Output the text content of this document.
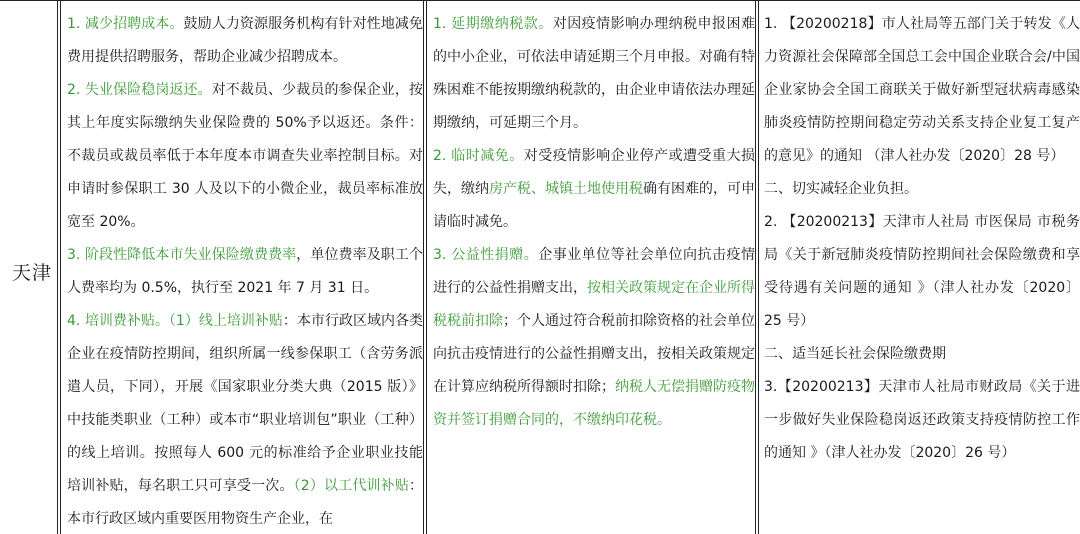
天津

1. 减少招聘成本。鼓励人力资源服务机构有针对性地减免费用提供招聘服务，帮助企业减少招聘成本。

2. 失业保险稳岗返还。对不裁员、少裁员的参保企业，按其上年度实际缴纳失业保险费的 50%予以返还。条件：不裁员或裁员率低于本年度本市调查失业率控制目标。对申请时参保职工 30 人及以下的小微企业，裁员率标准放宽至 20%。

3. 阶段性降低本市失业保险缴费费率，单位费率及职工个人费率均为 0.5%，执行至 2021 年 7 月 31 日。

4. 培训费补贴。（1）线上培训补贴：本市行政区域内各类企业在疫情防控期间，组织所属一线参保职工（含劳务派遣人员，下同），开展《国家职业分类大典（2015 版）》中技能类职业（工种）或本市“职业培训包”职业（工种）的线上培训。按照每人 600 元的标准给予企业职业技能培训补贴，每名职工只可享受一次。（2）以工代训补贴：本市行政区域内重要医用物资生产企业，在

1. 延期缴纳税款。对因疫情影响办理纳税申报困难的中小企业，可依法申请延期三个月申报。对确有特殊困难不能按期缴纳税款的，由企业申请依法办理延期缴纳，可延期三个月。

2. 临时减免。对受疫情影响企业停产或遭受重大损失，缴纳房产税、城镇土地使用税确有困难的，可申请临时减免。

3. 公益性捐赠。企事业单位等社会单位向抗击疫情进行的公益性捐赠支出，按相关政策规定在企业所得税税前扣除；个人通过符合税前扣除资格的社会单位向抗击疫情进行的公益性捐赠支出，按相关政策规定在计算应纳税所得额时扣除；纳税人无偿捐赠防疫物资并签订捐赠合同的，不缴纳印花税。

1. 【20200218】市人社局等五部门关于转发《人力资源社会保障部全国总工会中国企业联合会/中国企业家协会全国工商联关于做好新型冠状病毒感染肺炎疫情防控期间稳定劳动关系支持企业复工复产的意见》的通知 （津人社办发〔2020〕28 号）

二、切实减轻企业负担。

2. 【20200213】天津市人社局 市医保局 市税务局《关于新冠肺炎疫情防控期间社会保险缴费和享受待遇有关问题的通知 》（津人社办发〔2020〕25 号）

二、适当延长社会保险缴费期

3.【20200213】天津市人社局市财政局《关于进一步做好失业保险稳岗返还政策支持疫情防控工作的通知 》（津人社办发〔2020〕26 号）
